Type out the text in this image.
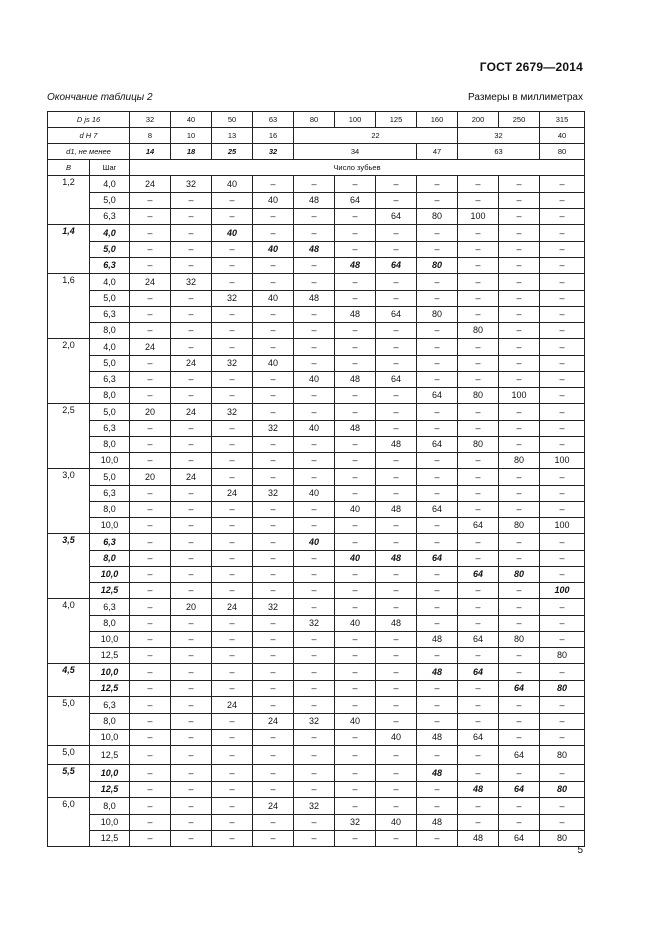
ГОСТ 2679—2014
Окончание таблицы 2	Размеры в миллиметрах
D js 16		32	40	50	63	80	100	125	160	200	250	315
d H 7		8	10	13	16	22				32		40
d1, не менее		14	18	25	32	34			47	63		80
B	Шаг	Число зубьев										
1,2	4,0	24	32	40	–	–	–	–	–	–	–	–
	5,0	–	–	–	40	48	64	–	–	–	–	–
	6,3	–	–	–	–	–	–	64	80	100	–	–
1,4	4,0	–	–	40	–	–	–	–	–	–	–	–
	5,0	–	–	–	40	48	–	–	–	–	–	–
	6,3	–	–	–	–	–	48	64	80	–	–	–
1,6	4,0	24	32	–	–	–	–	–	–	–	–	–
	5,0	–	–	32	40	48	–	–	–	–	–	–
	6,3	–	–	–	–	–	48	64	80	–	–	–
	8,0	–	–	–	–	–	–	–	–	80	–	–
2,0	4,0	24	–	–	–	–	–	–	–	–	–	–
	5,0	–	24	32	40	–	–	–	–	–	–	–
	6,3	–	–	–	–	40	48	64	–	–	–	–
	8,0	–	–	–	–	–	–	–	64	80	100	–
2,5	5,0	20	24	32	–	–	–	–	–	–	–	–
	6,3	–	–	–	32	40	48	–	–	–	–	–
	8,0	–	–	–	–	–	–	48	64	80	–	–
	10,0	–	–	–	–	–	–	–	–	–	80	100
3,0	5,0	20	24	–	–	–	–	–	–	–	–	–
	6,3	–	–	24	32	40	–	–	–	–	–	–
	8,0	–	–	–	–	–	40	48	64	–	–	–
	10,0	–	–	–	–	–	–	–	–	64	80	100
3,5	6,3	–	–	–	–	40	–	–	–	–	–	–
	8,0	–	–	–	–	–	40	48	64	–	–	–
	10,0	–	–	–	–	–	–	–	–	64	80	–
	12,5	–	–	–	–	–	–	–	–	–	–	100
4,0	6,3	–	20	24	32	–	–	–	–	–	–	–
	8,0	–	–	–	–	32	40	48	–	–	–	–
	10,0	–	–	–	–	–	–	–	48	64	80	–
	12,5	–	–	–	–	–	–	–	–	–	–	80
4,5	10,0	–	–	–	–	–	–	–	48	64	–	–
	12,5	–	–	–	–	–	–	–	–	–	64	80
5,0	6,3	–	–	24	–	–	–	–	–	–	–	–
	8,0	–	–	–	24	32	40	–	–	–	–	–
	10,0	–	–	–	–	–	–	40	48	64	–	–
5,0	12,5	–	–	–	–	–	–	–	–	–	64	80
5,5	10,0	–	–	–	–	–	–	–	48	–	–	–
	12,5	–	–	–	–	–	–	–	–	48	64	80
6,0	8,0	–	–	–	24	32	–	–	–	–	–	–
	10,0	–	–	–	–	–	32	40	48	–	–	–
	12,5	–	–	–	–	–	–	–	–	48	64	80
5
